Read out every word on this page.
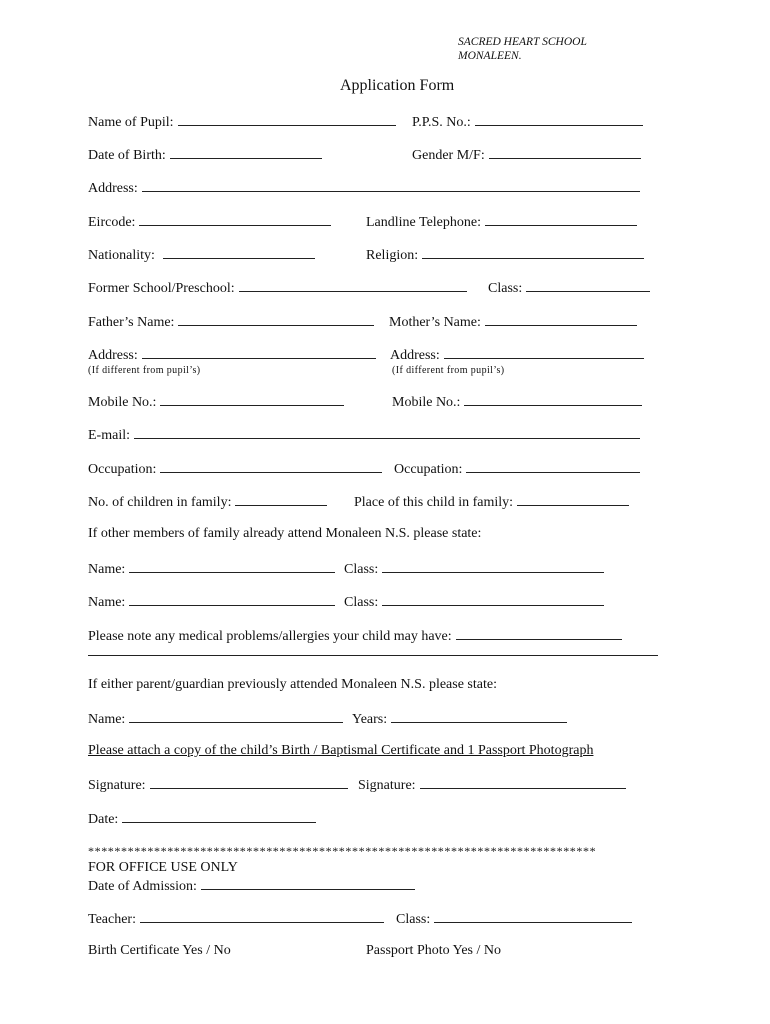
SACRED HEART SCHOOL
MONALEEN.
Application Form
Name of Pupil:	P.P.S. No.:
Date of Birth:	Gender M/F:
Address:
Eircode:	Landline Telephone:
Nationality:	Religion:
Former School/Preschool:	Class:
Father’s Name:	Mother’s Name:
Address:
(If different from pupil’s)
Address:
(If different from pupil’s)
Mobile No.:	Mobile No.:
E-mail:
Occupation:	Occupation:
No. of children in family:	Place of this child in family:
If other members of family already attend Monaleen N.S. please state:
Name:	Class:
Name:	Class:
Please note any medical problems/allergies your child may have:
If either parent/guardian previously attended Monaleen N.S. please state:
Name:	Years:
Please attach a copy of the child’s Birth / Baptismal Certificate and 1 Passport Photograph
Signature:	Signature:
Date:
*****************************************************************************
FOR OFFICE USE ONLY
Date of Admission:
Teacher:	Class:
Birth Certificate Yes / No	Passport Photo Yes / No
